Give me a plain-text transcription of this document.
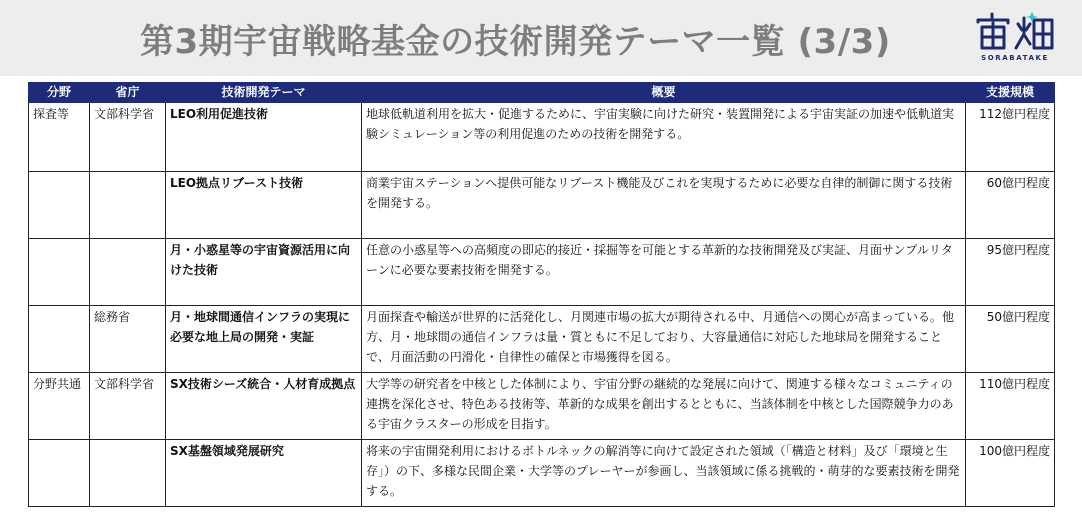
第3期宇宙戦略基金の技術開発テーマ一覧 (3/3)	SORABATAKE
分野	省庁	技術開発テーマ	概要	支援規模
探査等	文部科学省	LEO利用促進技術	地球低軌道利用を拡大・促進するために、宇宙実験に向けた研究・装置開発による宇宙実証の加速や低軌道実験シミュレーション等の利用促進のための技術を開発する。	112億円程度
		LEO拠点リブースト技術	商業宇宙ステーションへ提供可能なリブースト機能及びこれを実現するために必要な自律的制御に関する技術を開発する。	60億円程度
		月・小惑星等の宇宙資源活用に向けた技術	任意の小惑星等への高頻度の即応的接近・採掘等を可能とする革新的な技術開発及び実証、月面サンプルリターンに必要な要素技術を開発する。	95億円程度
	総務省	月・地球間通信インフラの実現に必要な地上局の開発・実証	月面探査や輸送が世界的に活発化し、月関連市場の拡大が期待される中、月通信への関心が高まっている。他方、月・地球間の通信インフラは量・質ともに不足しており、大容量通信に対応した地球局を開発することで、月面活動の円滑化・自律性の確保と市場獲得を図る。	50億円程度
分野共通	文部科学省	SX技術シーズ統合・人材育成拠点	大学等の研究者を中核とした体制により、宇宙分野の継続的な発展に向けて、関連する様々なコミュニティの連携を深化させ、特色ある技術等、革新的な成果を創出するとともに、当該体制を中核とした国際競争力のある宇宙クラスターの形成を目指す。	110億円程度
		SX基盤領域発展研究	将来の宇宙開発利用におけるボトルネックの解消等に向けて設定された領域（「構造と材料」及び「環境と生存」）の下、多様な民間企業・大学等のプレーヤーが参画し、当該領域に係る挑戦的・萌芽的な要素技術を開発する。	100億円程度
